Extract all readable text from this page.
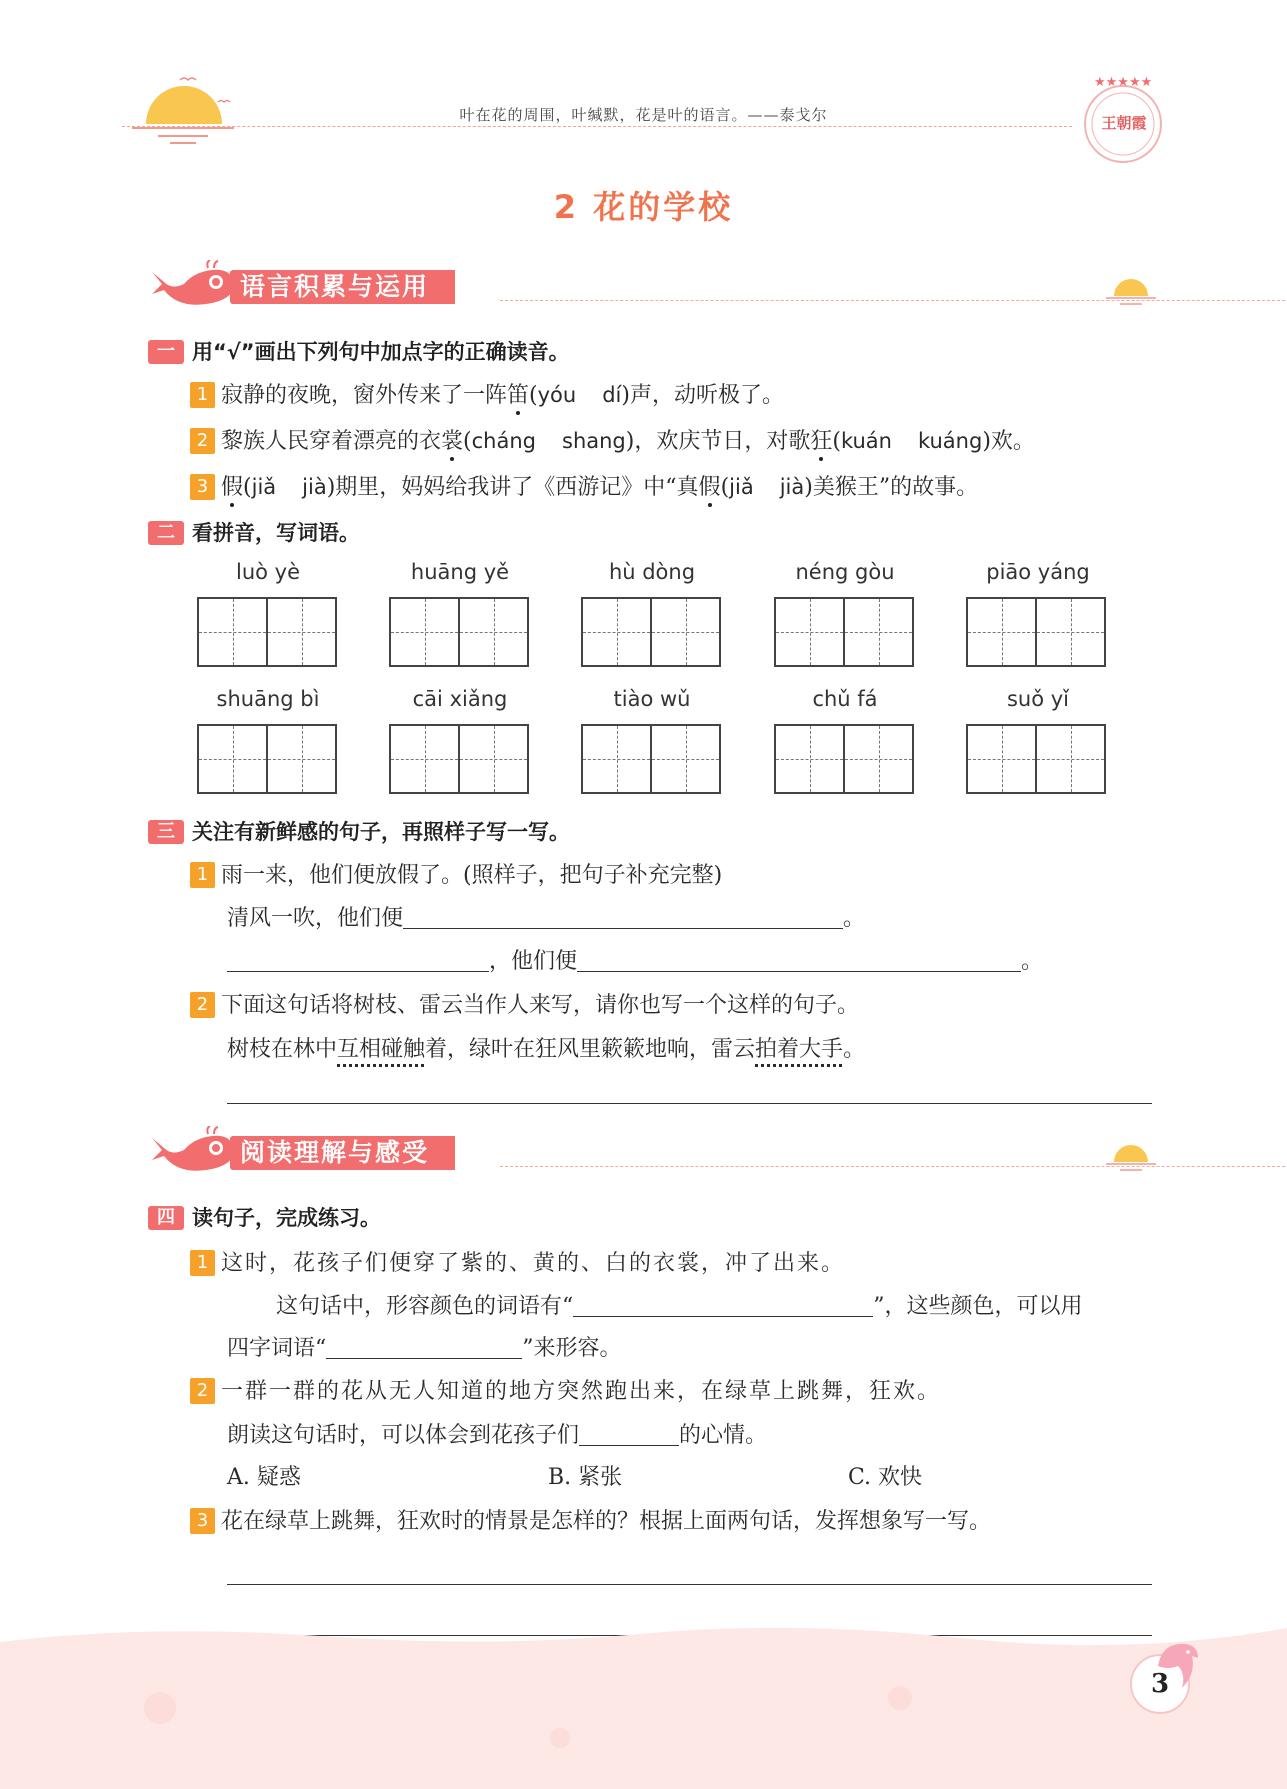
叶在花的周围，叶缄默，花是叶的语言。——泰戈尔
★★★★★
王朝霞
2 花的学校
语言积累与运用
一 用“√”画出下列句中加点字的正确读音。
1 寂静的夜晚，窗外传来了一阵笛(yóu dí)声，动听极了。
2 黎族人民穿着漂亮的衣裳(cháng shang)，欢庆节日，对歌狂(kuán kuáng)欢。
3 假(jiǎ jià)期里，妈妈给我讲了《西游记》中“真假(jiǎ jià)美猴王”的故事。
二 看拼音，写词语。
luò yè	huāng yě	hù dòng	néng gòu	piāo yáng
shuāng bì	cāi xiǎng	tiào wǔ	chǔ fá	suǒ yǐ
三 关注有新鲜感的句子，再照样子写一写。
1 雨一来，他们便放假了。(照样子，把句子补充完整)
清风一吹，他们便	。
，他们便	。
2 下面这句话将树枝、雷云当作人来写，请你也写一个这样的句子。
树枝在林中互相碰触着，绿叶在狂风里簌簌地响，雷云拍着大手。
阅读理解与感受
四 读句子，完成练习。
1 这时，花孩子们便穿了紫的、黄的、白的衣裳，冲了出来。
这句话中，形容颜色的词语有“	”，这些颜色，可以用
四字词语“	”来形容。
2 一群一群的花从无人知道的地方突然跑出来，在绿草上跳舞，狂欢。
朗读这句话时，可以体会到花孩子们	的心情。
A. 疑惑	B. 紧张	C. 欢快
3 花在绿草上跳舞，狂欢时的情景是怎样的？根据上面两句话，发挥想象写一写。
3
